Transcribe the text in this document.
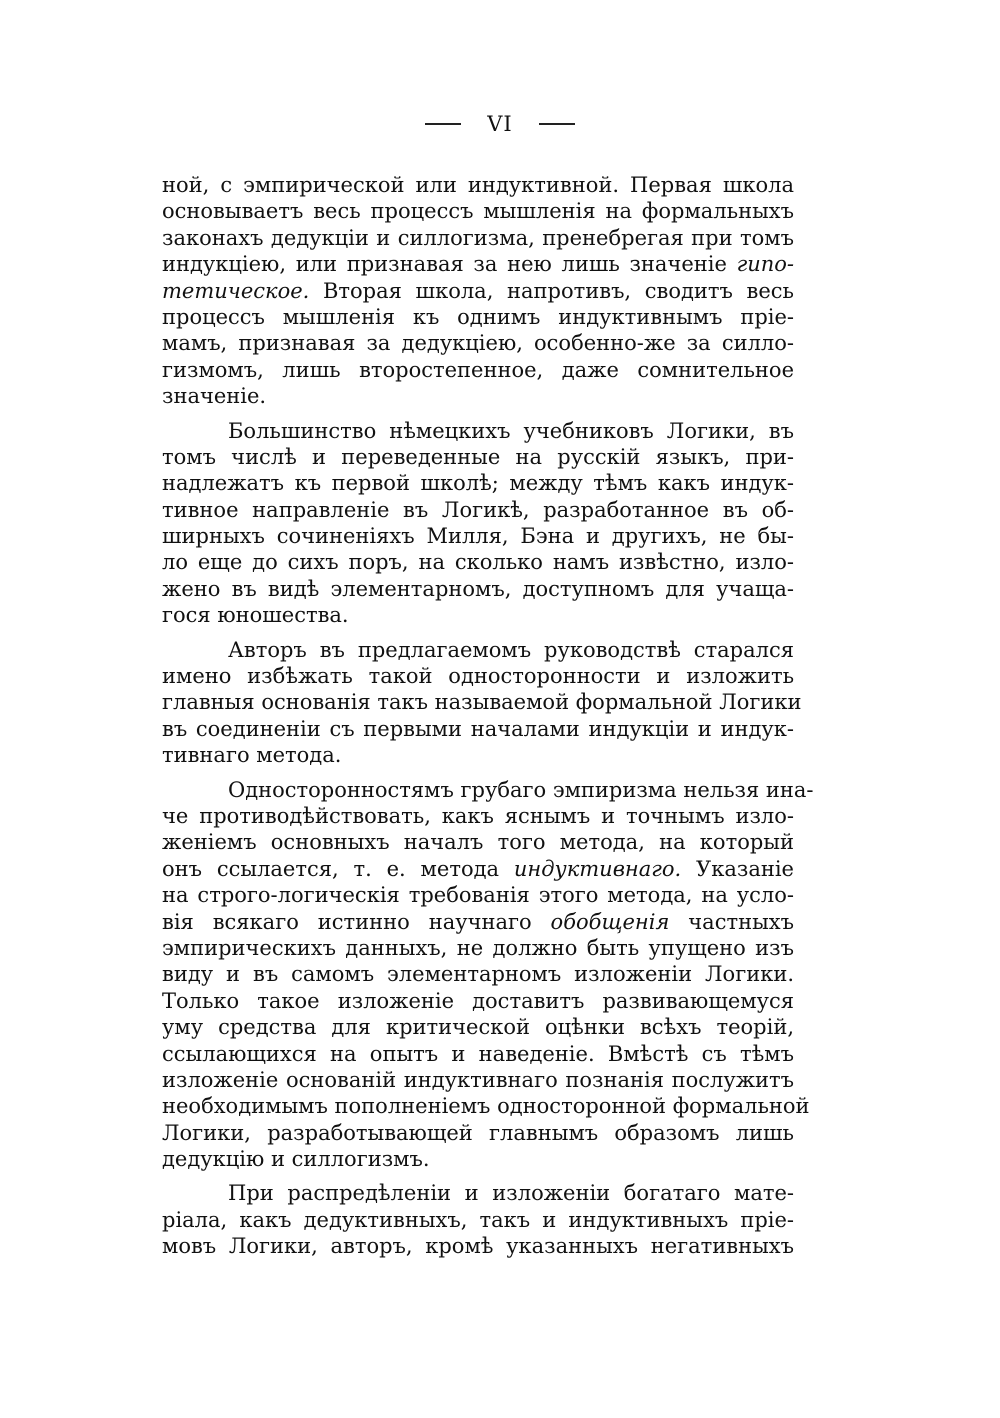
VI
ной, с эмпирической или индуктивной. Первая школа
основываетъ весь процессъ мышленія на формальныхъ
законахъ дедукціи и силлогизма, пренебрегая при томъ
индукціею, или признавая за нею лишь значеніе гипо-
тетическое. Вторая школа, напротивъ, сводитъ весь
процессъ мышленія къ однимъ индуктивнымъ прiе-
мамъ, признавая за дедукціею, особенно-же за силло-
гизмомъ, лишь второстепенное, даже сомнительное
значеніе.
Большинство нѣмецкихъ учебниковъ Логики, въ
томъ числѣ и переведенные на русскій языкъ, при-
надлежатъ къ первой школѣ; между тѣмъ какъ индук-
тивное направленіе въ Логикѣ, разработанное въ об-
ширныхъ сочиненіяхъ Милля, Бэна и другихъ, не бы-
ло еще до сихъ поръ, на сколько намъ извѣстно, изло-
жено въ видѣ элементарномъ, доступномъ для учаща-
гося юношества.
Авторъ въ предлагаемомъ руководствѣ старался
имено избѣжать такой односторонности и изложить
главныя основанія такъ называемой формальной Логики
въ соединеніи съ первыми началами индукціи и индук-
тивнаго метода.
Односторонностямъ грубаго эмпиризма нельзя ина-
че противодѣйствовать, какъ яснымъ и точнымъ изло-
женіемъ основныхъ началъ того метода, на который
онъ ссылается, т. е. метода индуктивнаго. Указаніе
на строго-логическія требованія этого метода, на усло-
вія всякаго истинно научнаго обобщенія частныхъ
эмпирическихъ данныхъ, не должно быть упущено изъ
виду и въ самомъ элементарномъ изложеніи Логики.
Только такое изложеніе доставитъ развивающемуся
уму средства для критической оцѣнки всѣхъ теорій,
ссылающихся на опытъ и наведеніе. Вмѣстѣ съ тѣмъ
изложеніе основаній индуктивнаго познанія послужитъ
необходимымъ пополненіемъ односторонной формальной
Логики, разработывающей главнымъ образомъ лишь
дедукцію и силлогизмъ.
При распредѣленіи и изложеніи богатаго мате-
ріала, какъ дедуктивныхъ, такъ и индуктивныхъ прiе-
мовъ Логики, авторъ, кромѣ указанныхъ негативныхъ
